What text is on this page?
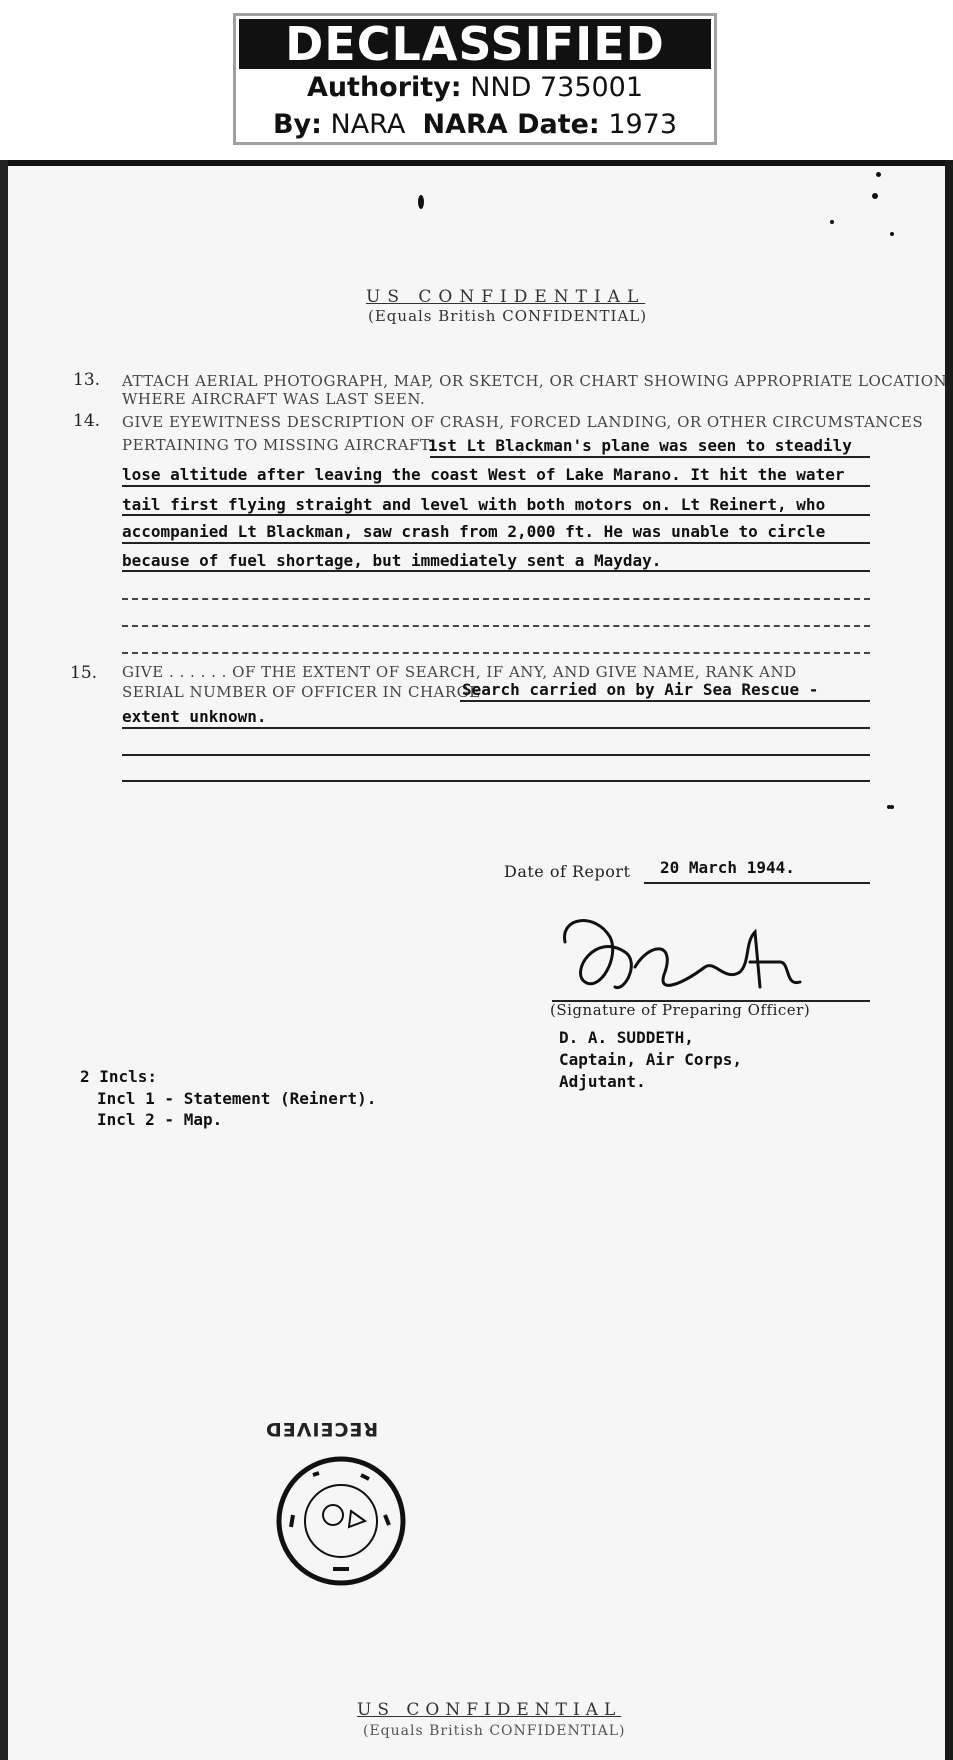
DECLASSIFIED
Authority: NND 735001
By: NARA NARA Date: 1973
US CONFIDENTIAL
(Equals British CONFIDENTIAL)
13. ATTACH AERIAL PHOTOGRAPH, MAP, OR SKETCH, OR CHART SHOWING APPROPRIATE LOCATION
WHERE AIRCRAFT WAS LAST SEEN.
14. GIVE EYEWITNESS DESCRIPTION OF CRASH, FORCED LANDING, OR OTHER CIRCUMSTANCES
PERTAINING TO MISSING AIRCRAFT:
1st Lt Blackman's plane was seen to steadily
lose altitude after leaving the coast West of Lake Marano. It hit the water
tail first flying straight and level with both motors on. Lt Reinert, who
accompanied Lt Blackman, saw crash from 2,000 ft. He was unable to circle
because of fuel shortage, but immediately sent a Mayday.
15. GIVE . . . . . . OF THE EXTENT OF SEARCH, IF ANY, AND GIVE NAME, RANK AND
SERIAL NUMBER OF OFFICER IN CHARGE
Search carried on by Air Sea Rescue -
extent unknown.
Date of Report 20 March 1944.
(Signature of Preparing Officer)
D. A. SUDDETH,
Captain, Air Corps,
Adjutant.
2 Incls:
Incl 1 - Statement (Reinert).
Incl 2 - Map.
RECEIVED
US CONFIDENTIAL
(Equals British CONFIDENTIAL)
